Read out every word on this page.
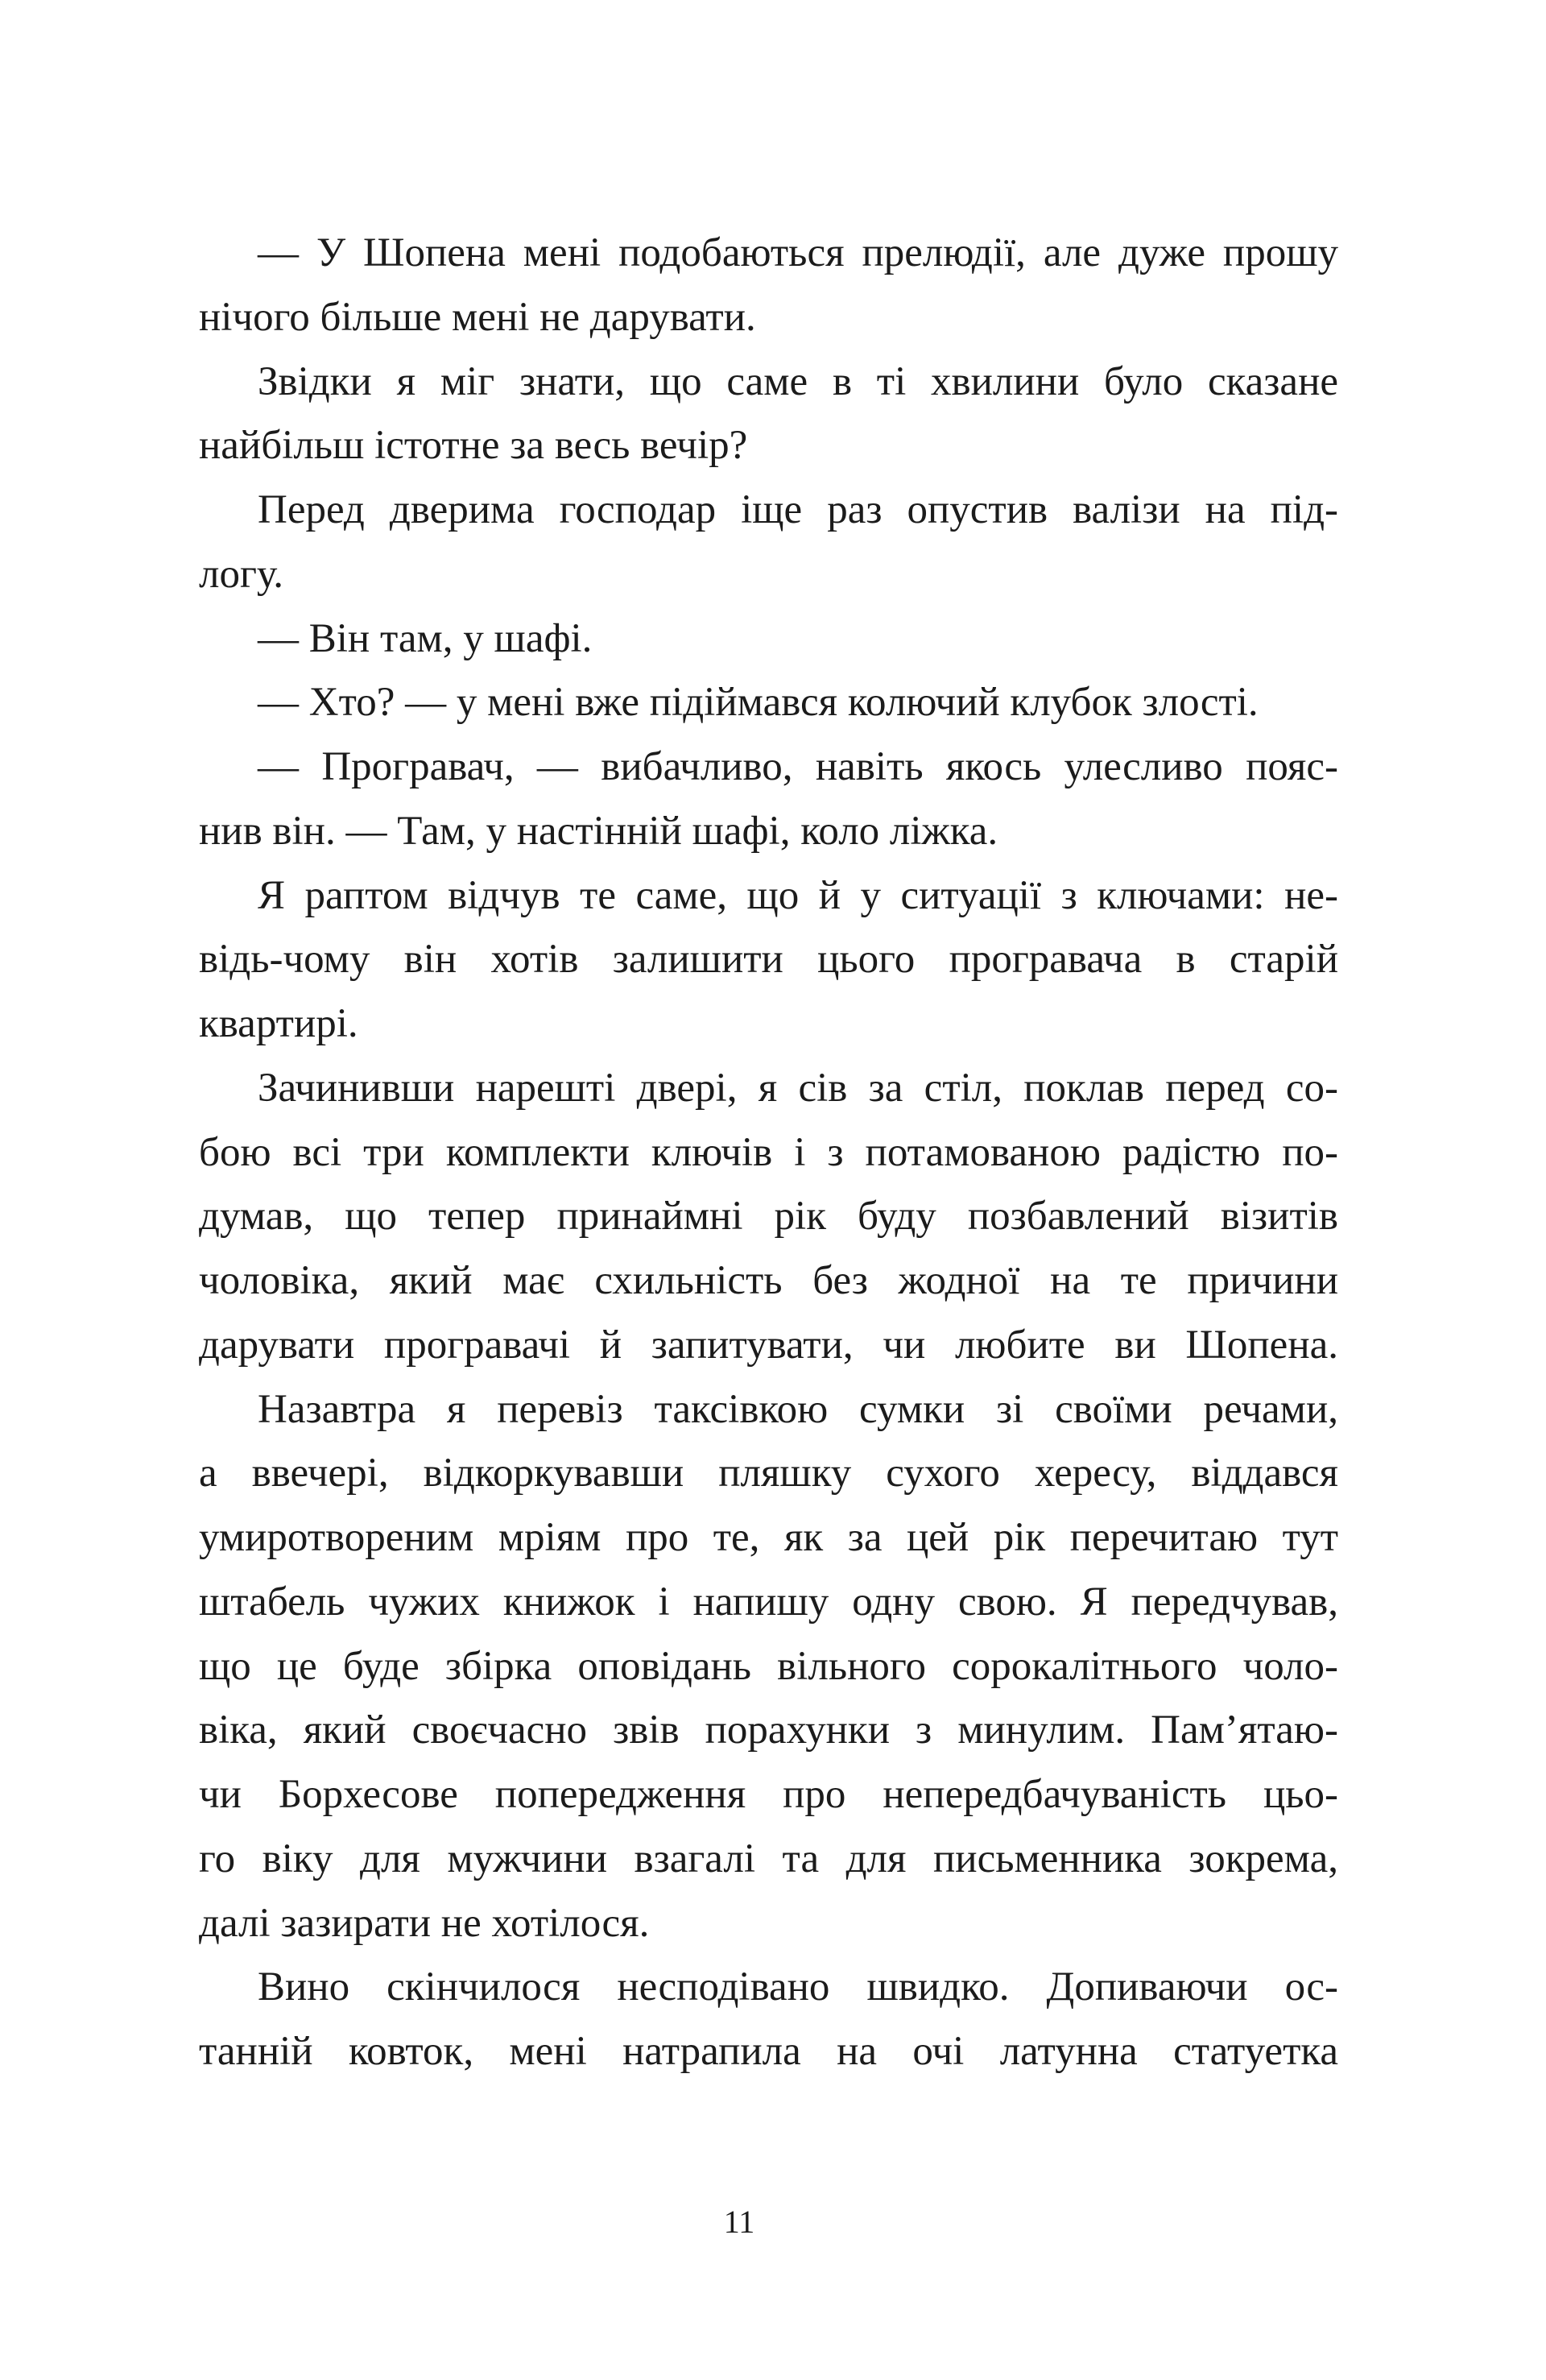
— У Шопена мені подобаються прелюдії, але дуже прошу
нічого більше мені не дарувати.
Звідки я міг знати, що саме в ті хвилини було сказане
найбільш істотне за весь вечір?
Перед дверима господар іще раз опустив валізи на під-
логу.
— Він там, у шафі.
— Хто? — у мені вже підіймався колючий клубок злості.
— Програвач, — вибачливо, навіть якось улесливо пояс-
нив він. — Там, у настінній шафі, коло ліжка.
Я раптом відчув те саме, що й у ситуації з ключами: не-
відь-чому він хотів залишити цього програвача в старій
квартирі.
Зачинивши нарешті двері, я сів за стіл, поклав перед со-
бою всі три комплекти ключів і з потамованою радістю по-
думав, що тепер принаймні рік буду позбавлений візитів
чоловіка, який має схильність без жодної на те причини
дарувати програвачі й запитувати, чи любите ви Шопена.
Назавтра я перевіз таксівкою сумки зі своїми речами,
а ввечері, відкоркувавши пляшку сухого хересу, віддався
умиротвореним мріям про те, як за цей рік перечитаю тут
штабель чужих книжок і напишу одну свою. Я передчував,
що це буде збірка оповідань вільного сорокалітнього чоло-
віка, який своєчасно звів порахунки з минулим. Пам’ятаю-
чи Борхесове попередження про непередбачуваність цьо-
го віку для мужчини взагалі та для письменника зокрема,
далі зазирати не хотілося.
Вино скінчилося несподівано швидко. Допиваючи ос-
танній ковток, мені натрапила на очі латунна статуетка
11
